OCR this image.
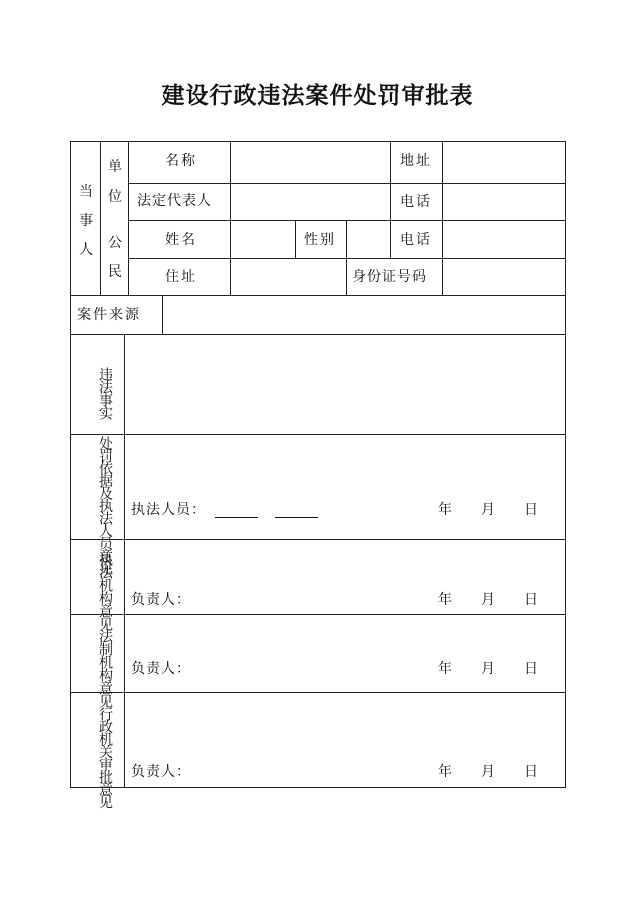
建设行政违法案件处罚审批表
当事人
单位
公民
名称	地址
法定代表人	电话
姓名	性别	电话
住址	身份证号码
案件来源
违法事实
处罚依据及执法人员意见 执法人员：	年 月 日
执法机构意见 负责人：	年 月 日
法制机构意见 负责人：	年 月 日
行政机关审批意见 负责人：	年 月 日
